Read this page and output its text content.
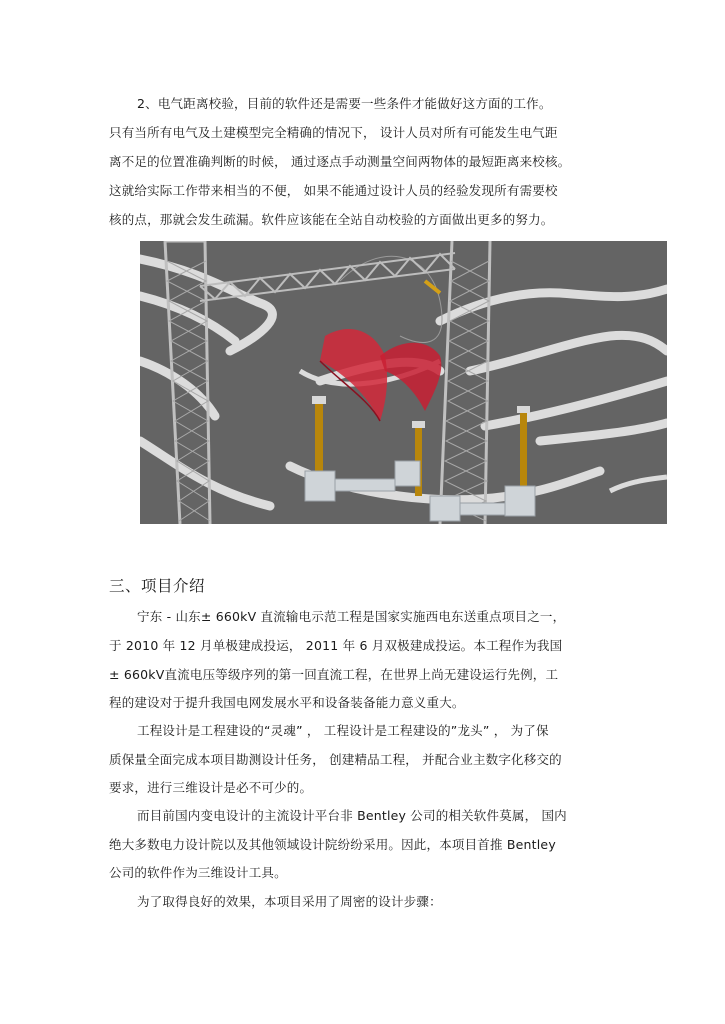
2、电气距离校验，目前的软件还是需要一些条件才能做好这方面的工作。
只有当所有电气及土建模型完全精确的情况下， 设计人员对所有可能发生电气距
离不足的位置准确判断的时候， 通过逐点手动测量空间两物体的最短距离来校核。
这就给实际工作带来相当的不便， 如果不能通过设计人员的经验发现所有需要校
核的点，那就会发生疏漏。软件应该能在全站自动校验的方面做出更多的努力。
三、项目介绍
宁东 - 山东± 660kV 直流输电示范工程是国家实施西电东送重点项目之一，
于 2010 年 12 月单极建成投运， 2011 年 6 月双极建成投运。本工程作为我国
± 660kV直流电压等级序列的第一回直流工程，在世界上尚无建设运行先例，工
程的建设对于提升我国电网发展水平和设备装备能力意义重大。
工程设计是工程建设的“灵魂” ， 工程设计是工程建设的”龙头” ， 为了保
质保量全面完成本项目勘测设计任务， 创建精品工程， 并配合业主数字化移交的
要求，进行三维设计是必不可少的。
而目前国内变电设计的主流设计平台非 Bentley 公司的相关软件莫属， 国内
绝大多数电力设计院以及其他领域设计院纷纷采用。因此，本项目首推 Bentley
公司的软件作为三维设计工具。
为了取得良好的效果，本项目采用了周密的设计步骤：
